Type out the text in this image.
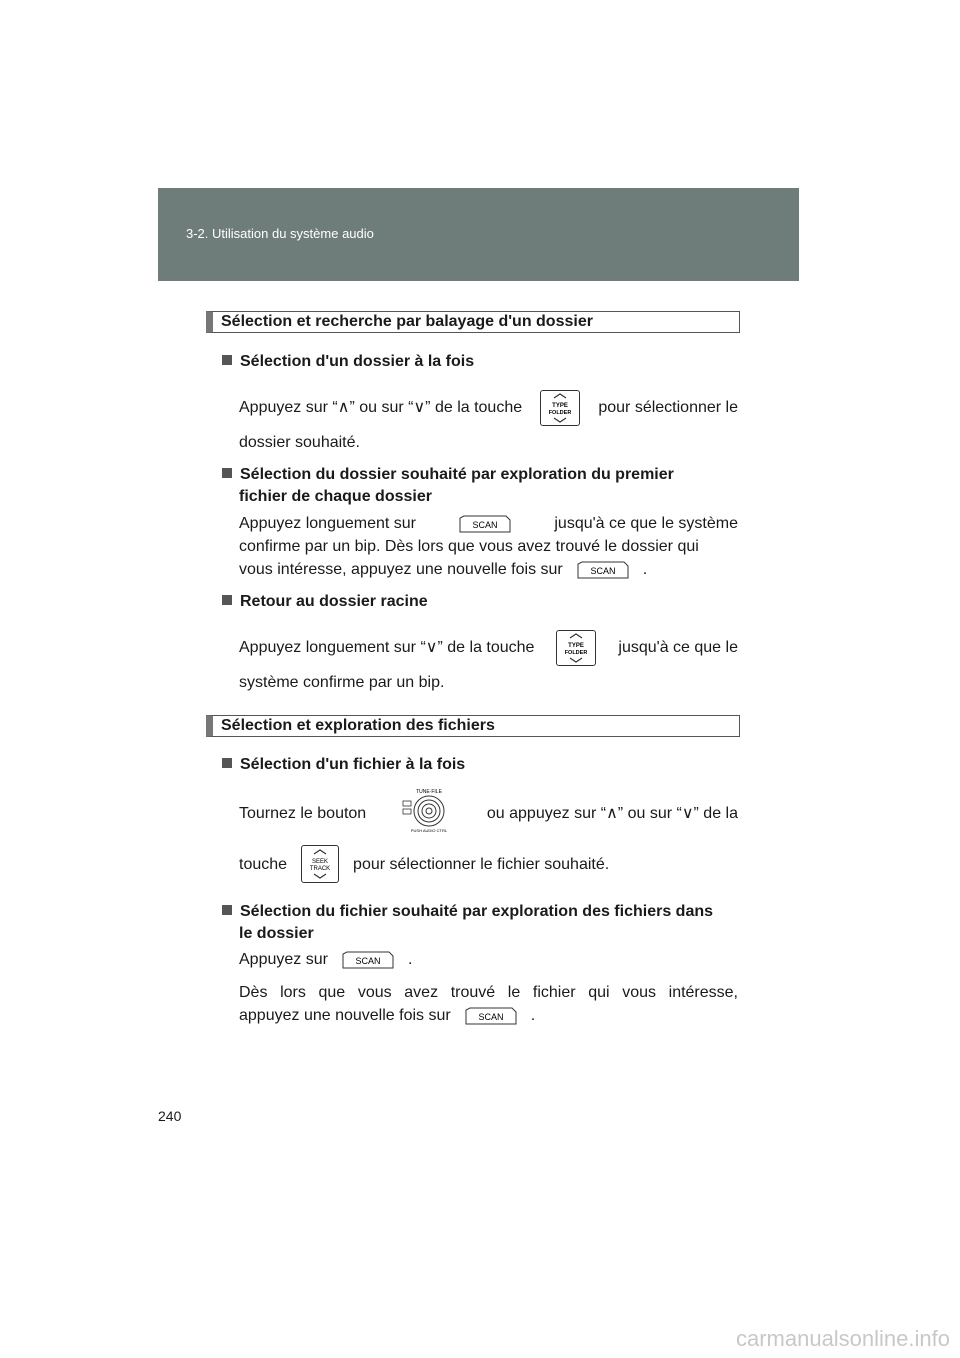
3-2. Utilisation du système audio
Sélection et recherche par balayage d'un dossier
Sélection d'un dossier à la fois
Appuyez sur “∧” ou sur “∨” de la touche	TYPE
FOLDER pour sélectionner le
dossier souhaité.
Sélection du dossier souhaité par exploration du premier
fichier de chaque dossier
Appuyez longuement sur	SCAN	jusqu'à ce que le système
confirme par un bip. Dès lors que vous avez trouvé le dossier qui
vous intéresse, appuyez une nouvelle fois sur	SCAN .
Retour au dossier racine
Appuyez longuement sur “∨” de la touche	TYPE
FOLDER jusqu'à ce que le
système confirme par un bip.
Sélection et exploration des fichiers
Sélection d'un fichier à la fois
Tournez le bouton
TUNE·FILE
PUSH AUDIO CTRL
ou appuyez sur “∧” ou sur “∨” de la
touche	SEEK
TRACK pour sélectionner le fichier souhaité.
Sélection du fichier souhaité par exploration des fichiers dans
le dossier
Appuyez sur	SCAN .
Dès lors que vous avez trouvé le fichier qui vous intéresse,
appuyez une nouvelle fois sur	SCAN .
240
carmanualsonline.info
